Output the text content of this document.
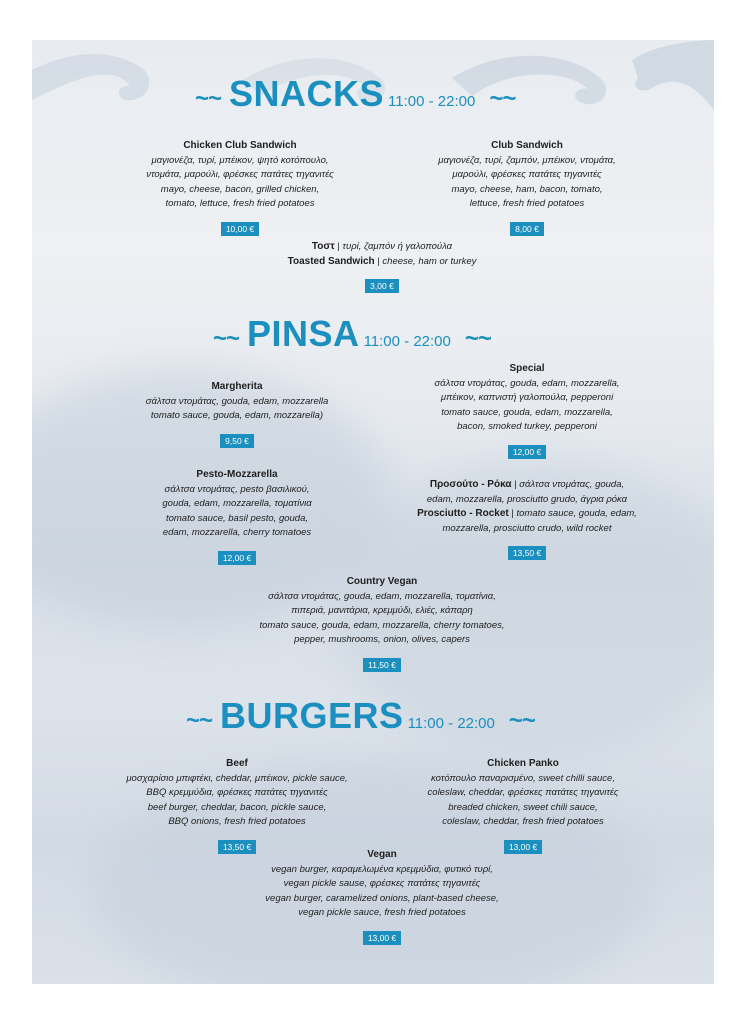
~~ SNACKS 11:00 - 22:00 ~~
Chicken Club Sandwich
μαγιονέζα, τυρί, μπέικον, ψητό κοτόπουλο,
ντομάτα, μαρούλι, φρέσκες πατάτες τηγανιτές
mayo, cheese, bacon, grilled chicken,
tomato, lettuce, fresh fried potatoes
10,00 €
Club Sandwich
μαγιονέζα, τυρί, ζαμπόν, μπέικον, ντομάτα,
μαρούλι, φρέσκες πατάτες τηγανιτές
mayo, cheese, ham, bacon, tomato,
lettuce, fresh fried potatoes
8,00 €
Τοστ | τυρί, ζαμπόν ή γαλοπούλα
Toasted Sandwich | cheese, ham or turkey
3,00 €
~~ PINSA 11:00 - 22:00 ~~
Special
σάλτσα ντομάτας, gouda, edam, mozzarella,
μπέικον, καπνιστή γαλοπούλα, pepperoni
tomato sauce, gouda, edam, mozzarella,
bacon, smoked turkey, pepperoni
12,00 €
Margherita
σάλτσα ντομάτας, gouda, edam, mozzarella
tomato sauce, gouda, edam, mozzarella)
9,50 €
Pesto-Mozzarella
σάλτσα ντομάτας, pesto βασιλικού,
gouda, edam, mozzarella, τοματίνια
tomato sauce, basil pesto, gouda,
edam, mozzarella, cherry tomatoes
12,00 €
Προσούτο - Ρόκα | σάλτσα ντομάτας, gouda,
edam, mozzarella, prosciutto grudo, άγρια ρόκα
Prosciutto - Rocket | tomato sauce, gouda, edam,
mozzarella, prosciutto crudo, wild rocket
13,50 €
Country Vegan
σάλτσα ντομάτας, gouda, edam, mozzarella, τοματίνια,
πιπεριά, μανιτάρια, κρεμμύδι, ελιές, κάπαρη
tomato sauce, gouda, edam, mozzarella, cherry tomatoes,
pepper, mushrooms, onion, olives, capers
11,50 €
~~ BURGERS 11:00 - 22:00 ~~
Beef
μοσχαρίσιο μπιφτέκι, cheddar, μπέικον, pickle sauce,
BBQ κρεμμύδια, φρέσκες πατάτες τηγανιτές
beef burger, cheddar, bacon, pickle sauce,
BBQ onions, fresh fried potatoes
13,50 €
Chicken Panko
κοτόπουλο παναρισμένο, sweet chilli sauce,
coleslaw, cheddar, φρέσκες πατάτες τηγανιτές
breaded chicken, sweet chili sauce,
coleslaw, cheddar, fresh fried potatoes
13,00 €
Vegan
vegan burger, καραμελωμένα κρεμμύδια, φυτικό τυρί,
vegan pickle sause, φρέσκες πατάτες τηγανιτές
vegan burger, caramelized onions, plant-based cheese,
vegan pickle sauce, fresh fried potatoes
13,00 €
